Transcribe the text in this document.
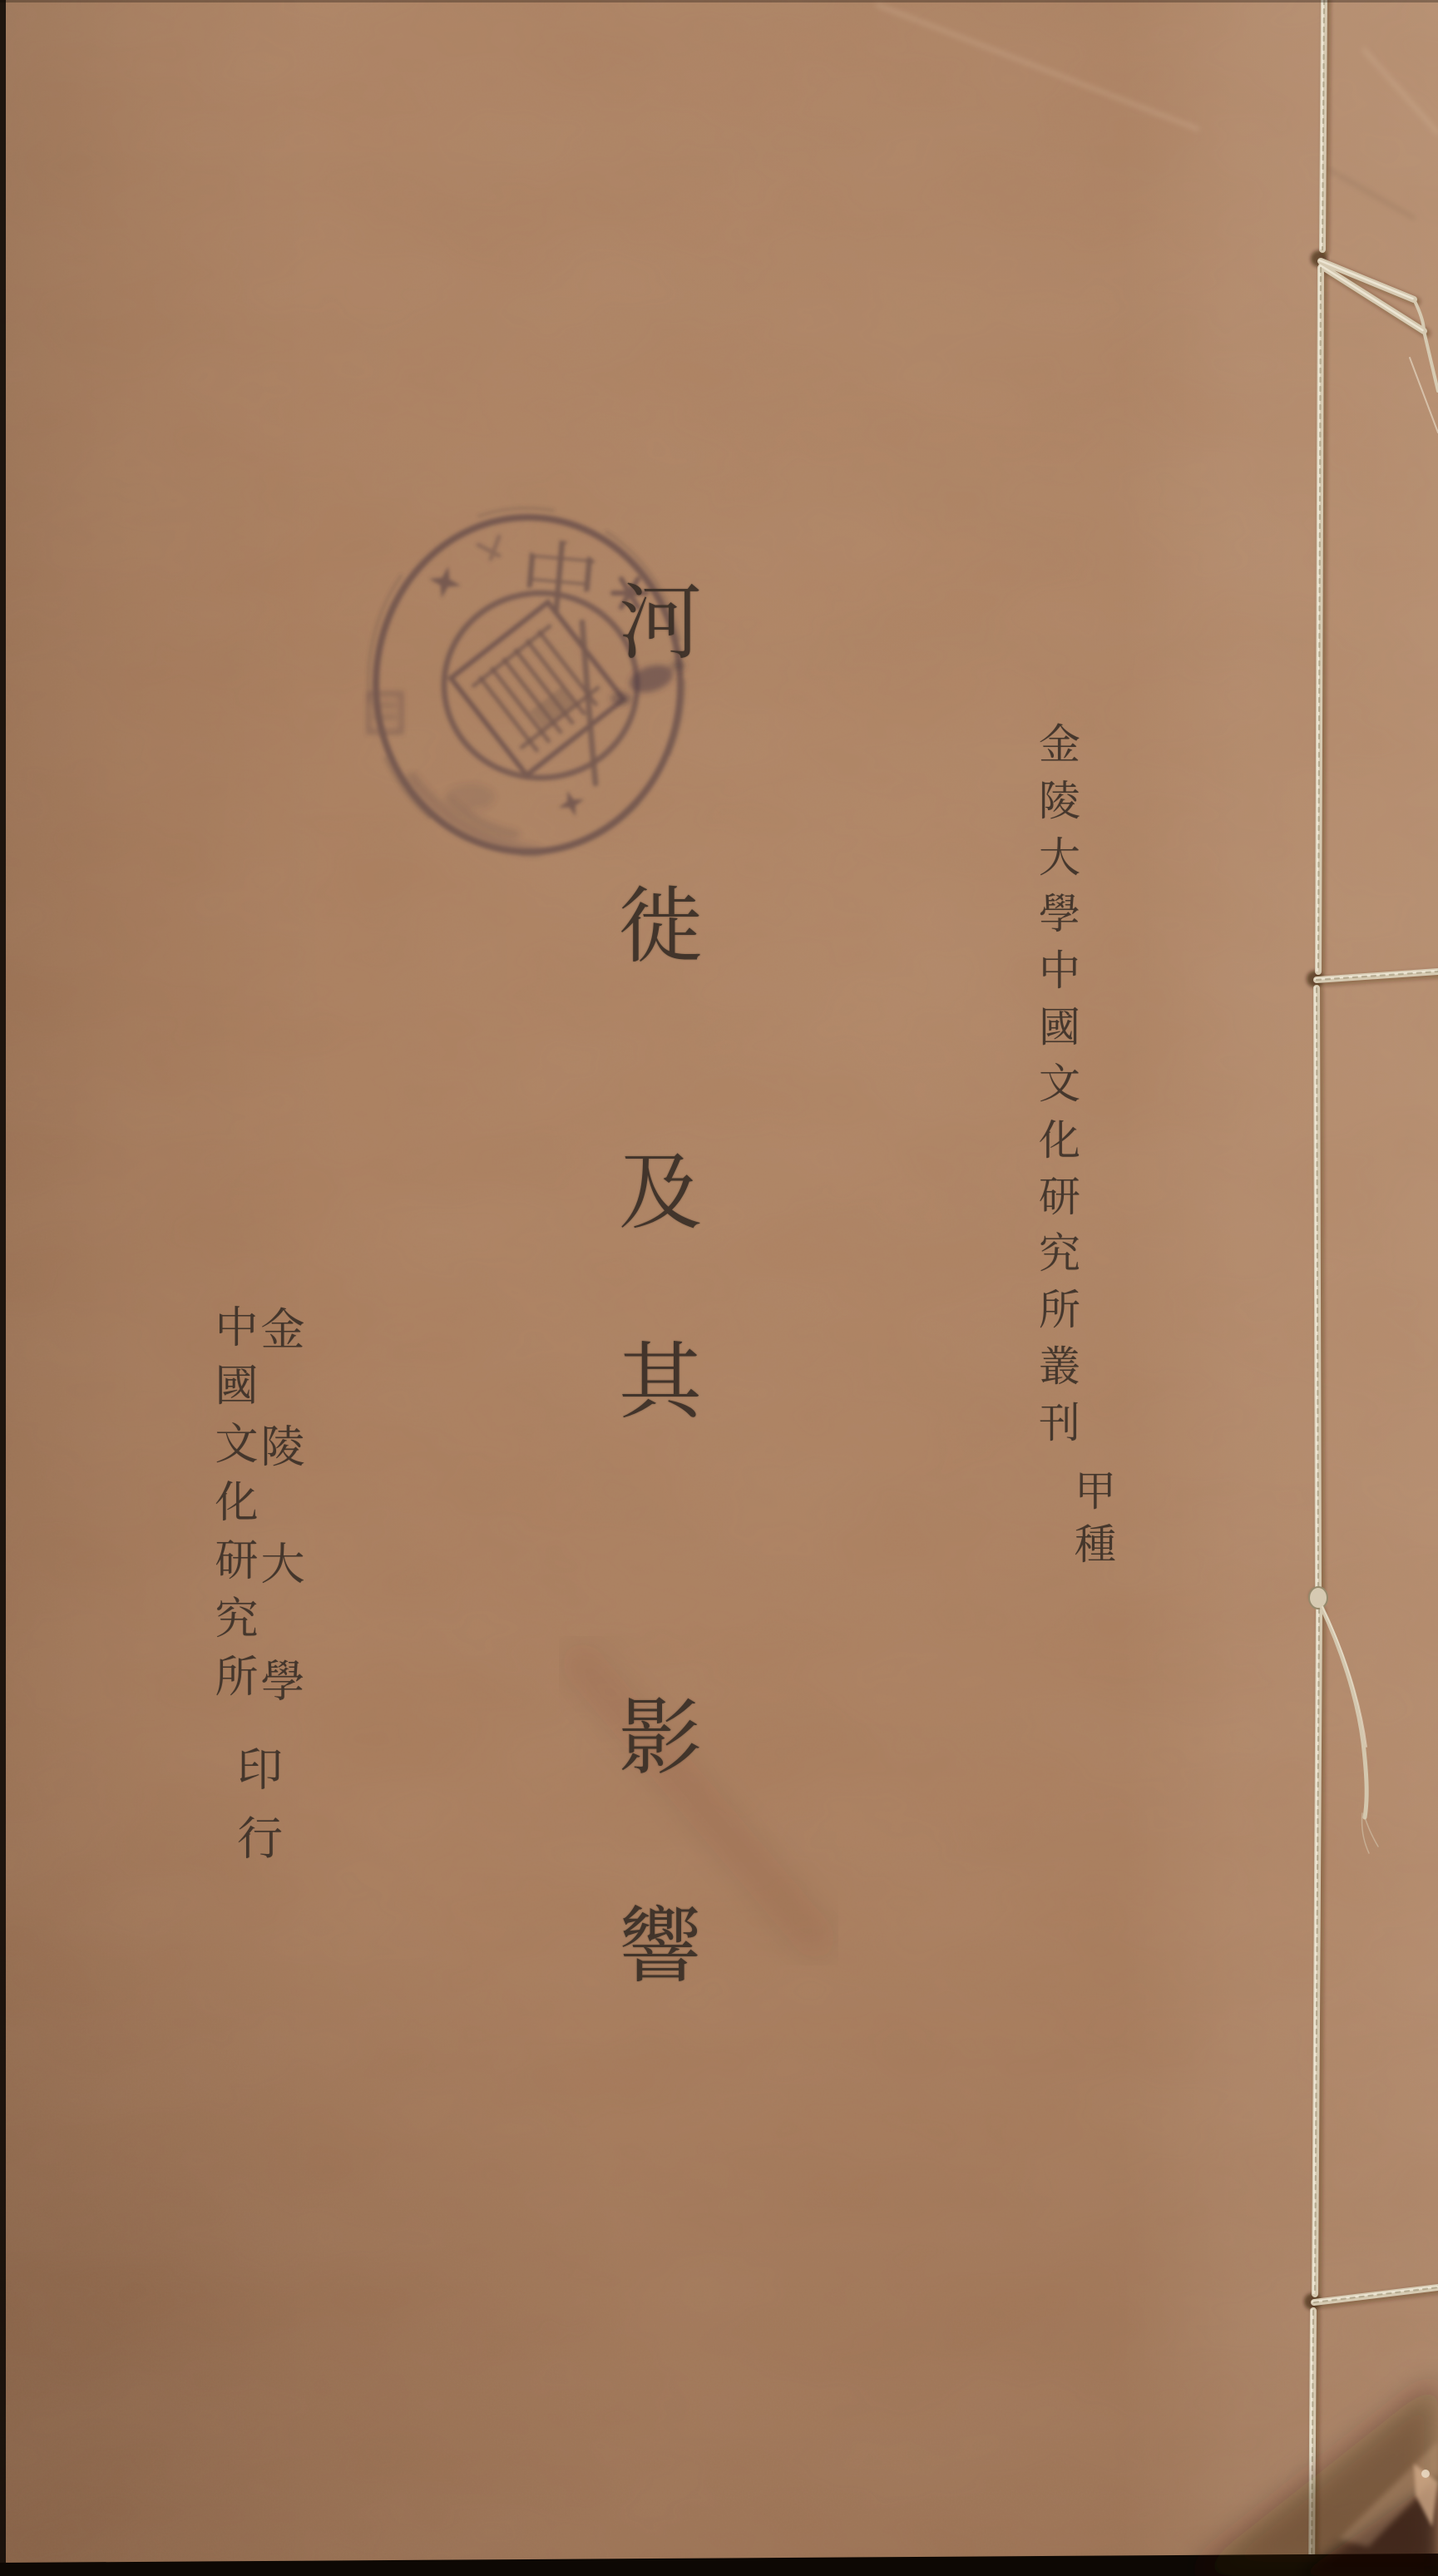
中 河
徙
及
其
影
響
金陵大學中國文化研究所叢刊
甲種
金陵大學
中國文化研究所
印行
